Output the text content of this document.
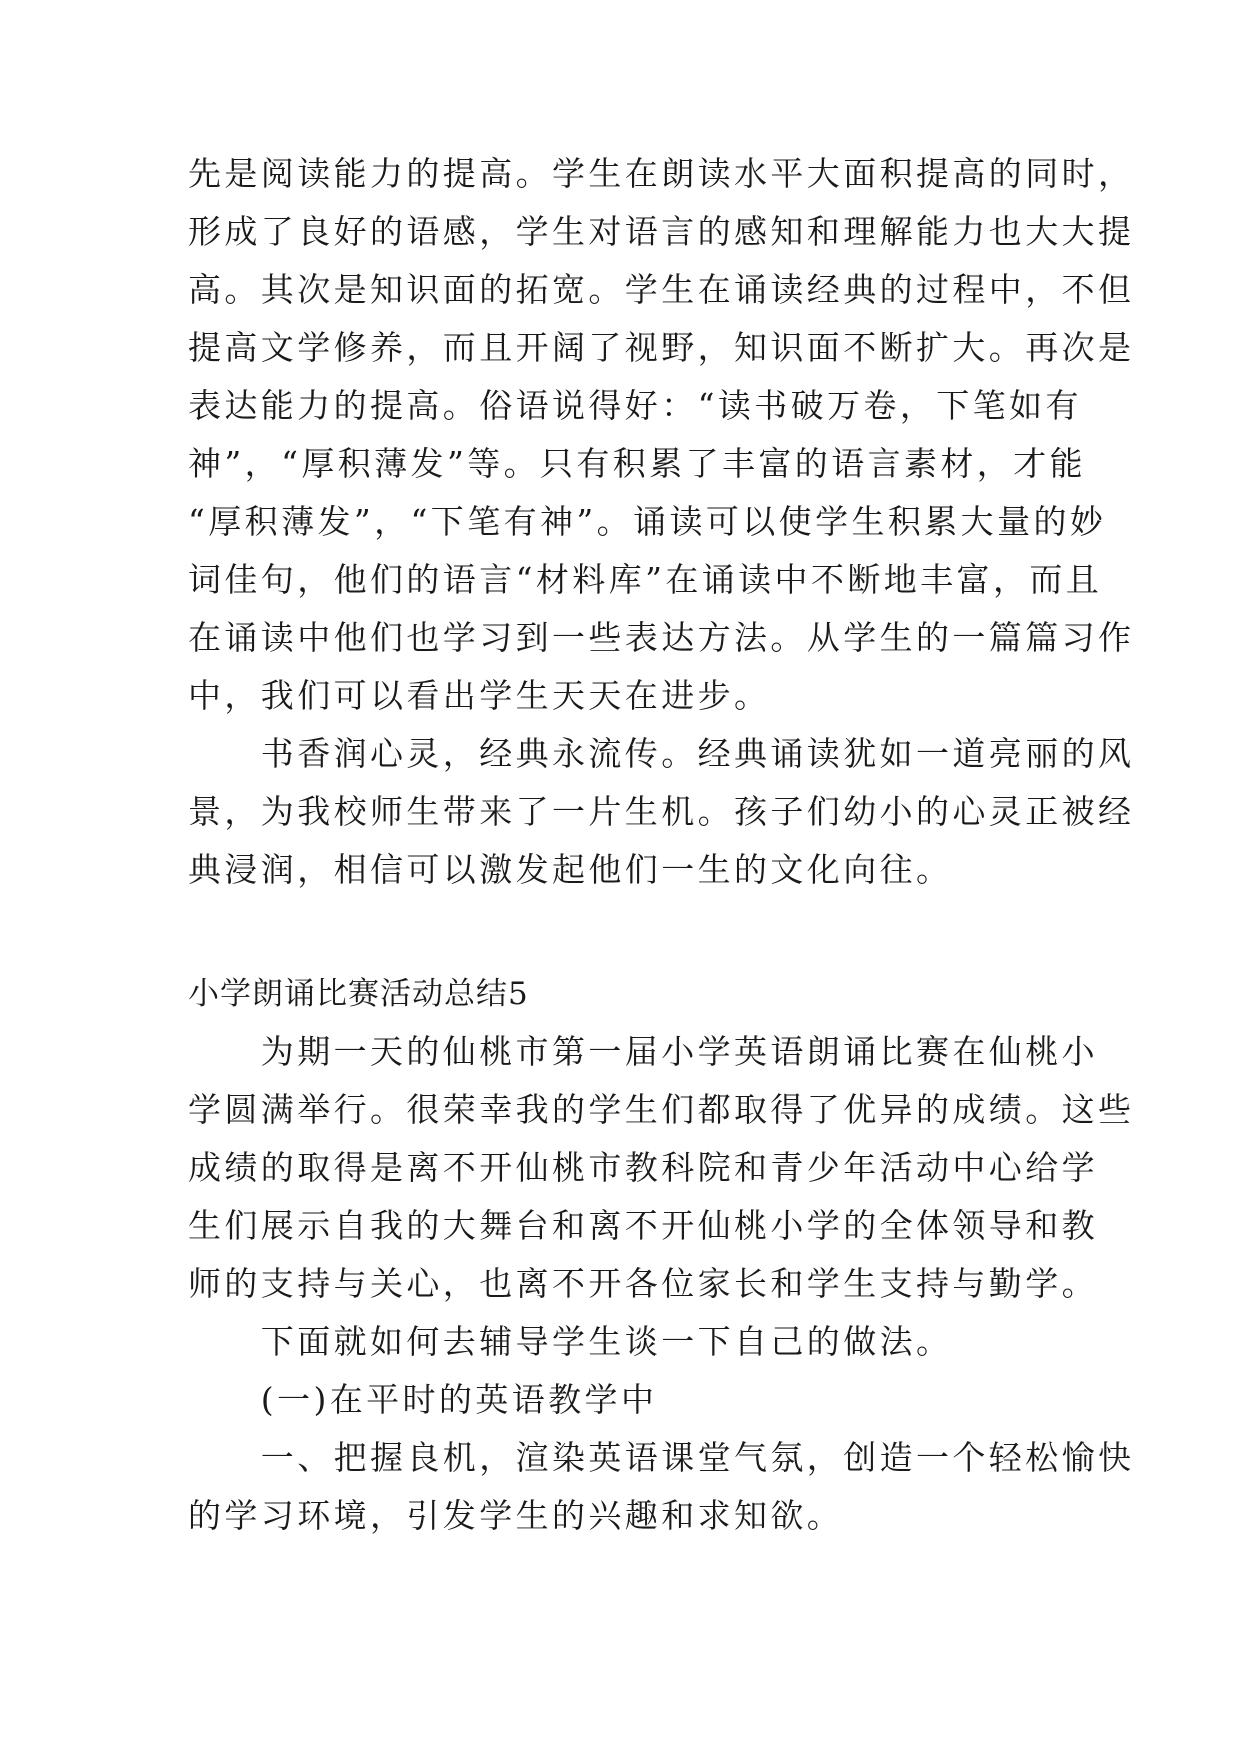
先是阅读能力的提高。学生在朗读水平大面积提高的同时，
形成了良好的语感，学生对语言的感知和理解能力也大大提
高。其次是知识面的拓宽。学生在诵读经典的过程中，不但
提高文学修养，而且开阔了视野，知识面不断扩大。再次是
表达能力的提高。俗语说得好：“读书破万卷，下笔如有
神”，“厚积薄发”等。只有积累了丰富的语言素材，才能
“厚积薄发”，“下笔有神”。诵读可以使学生积累大量的妙
词佳句，他们的语言“材料库”在诵读中不断地丰富，而且
在诵读中他们也学习到一些表达方法。从学生的一篇篇习作
中，我们可以看出学生天天在进步。
　　书香润心灵，经典永流传。经典诵读犹如一道亮丽的风
景，为我校师生带来了一片生机。孩子们幼小的心灵正被经
典浸润，相信可以激发起他们一生的文化向往。
小学朗诵比赛活动总结5
　　为期一天的仙桃市第一届小学英语朗诵比赛在仙桃小
学圆满举行。很荣幸我的学生们都取得了优异的成绩。这些
成绩的取得是离不开仙桃市教科院和青少年活动中心给学
生们展示自我的大舞台和离不开仙桃小学的全体领导和教
师的支持与关心，也离不开各位家长和学生支持与勤学。
　　下面就如何去辅导学生谈一下自己的做法。
　　(一)在平时的英语教学中
　　一、把握良机，渲染英语课堂气氛，创造一个轻松愉快
的学习环境，引发学生的兴趣和求知欲。
